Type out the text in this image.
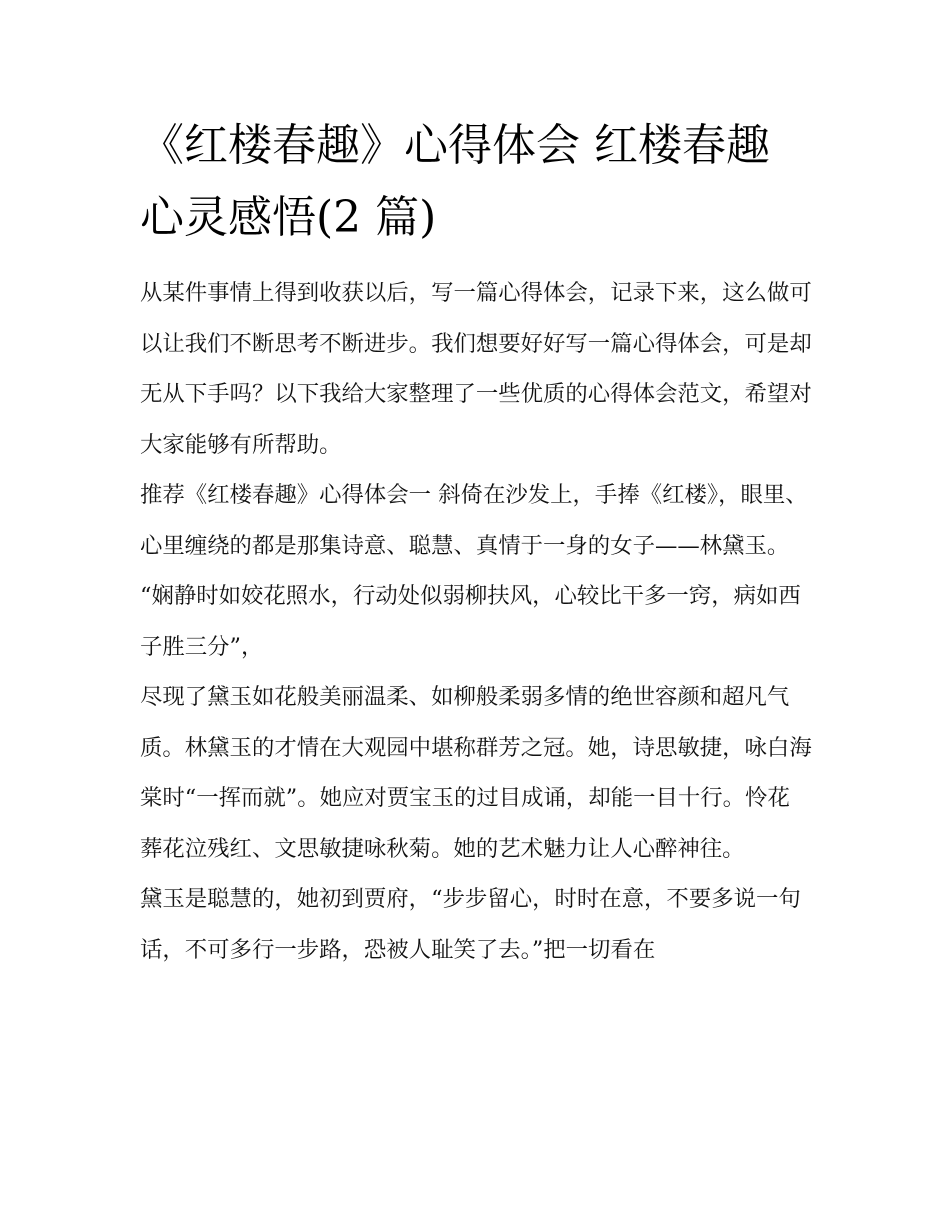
《红楼春趣》心得体会 红楼春趣心灵感悟(2 篇)

从某件事情上得到收获以后，写一篇心得体会，记录下来，这么做可以让我们不断思考不断进步。我们想要好好写一篇心得体会，可是却无从下手吗？以下我给大家整理了一些优质的心得体会范文，希望对大家能够有所帮助。

推荐《红楼春趣》心得体会一 斜倚在沙发上，手捧《红楼》，眼里、心里缠绕的都是那集诗意、聪慧、真情于一身的女子——林黛玉。

“娴静时如姣花照水，行动处似弱柳扶风，心较比干多一窍，病如西子胜三分”，

尽现了黛玉如花般美丽温柔、如柳般柔弱多情的绝世容颜和超凡气质。林黛玉的才情在大观园中堪称群芳之冠。她，诗思敏捷，咏白海棠时“一挥而就”。她应对贾宝玉的过目成诵，却能一目十行。怜花葬花泣残红、文思敏捷咏秋菊。她的艺术魅力让人心醉神往。

黛玉是聪慧的，她初到贾府，“步步留心，时时在意，不要多说一句话，不可多行一步路，恐被人耻笑了去。”把一切看在
